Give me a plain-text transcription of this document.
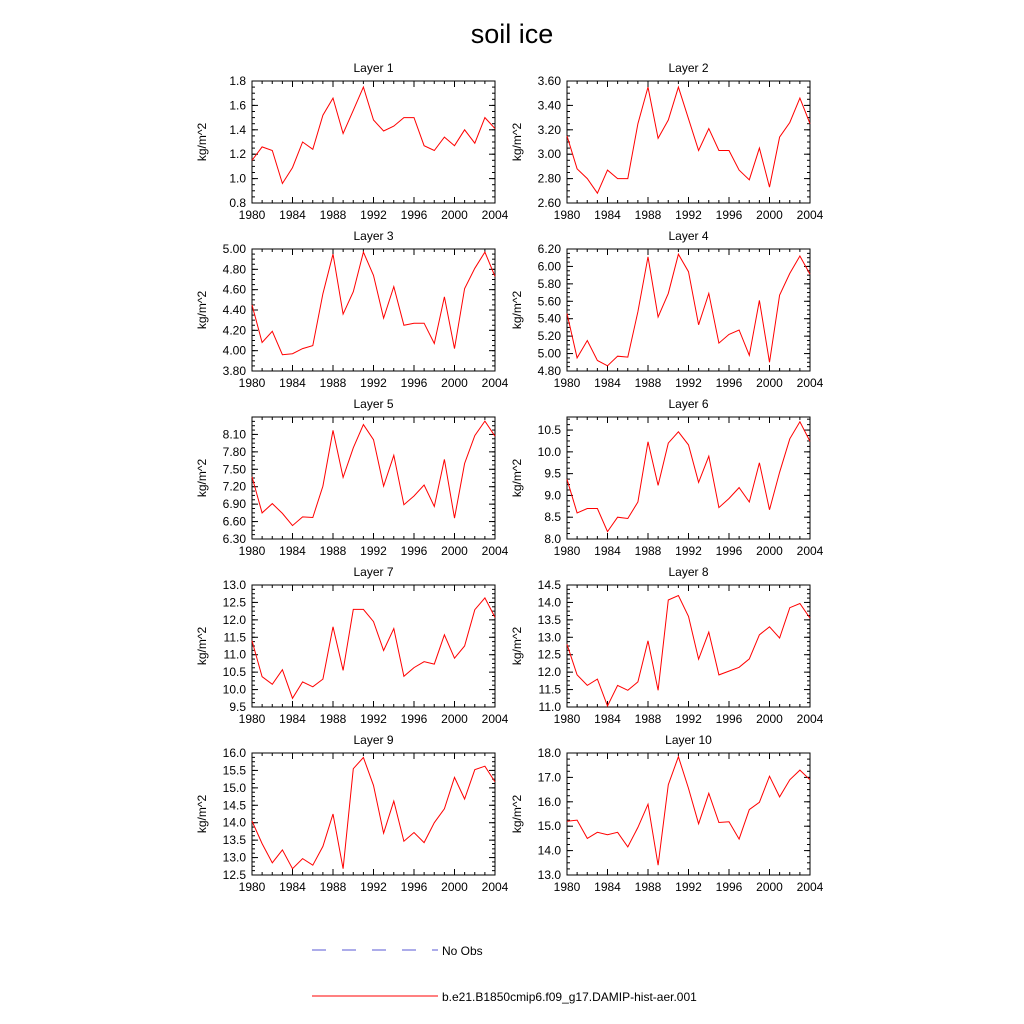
soil ice
1980 1984 1988 1992 1996 2000 2004
0.8
1.0
1.2
1.4
1.6
1.8
Layer 1
kg/m^2
1980 1984 1988 1992 1996 2000 2004
2.60
2.80
3.00
3.20
3.40
3.60
Layer 2
kg/m^2
1980 1984 1988 1992 1996 2000 2004
3.80
4.00
4.20
4.40
4.60
4.80
5.00
Layer 3
kg/m^2
1980 1984 1988 1992 1996 2000 2004
4.80
5.00
5.20
5.40
5.60
5.80
6.00
6.20
Layer 4
kg/m^2
1980 1984 1988 1992 1996 2000 2004
6.30
6.60
6.90
7.20
7.50
7.80
8.10
Layer 5
kg/m^2
1980 1984 1988 1992 1996 2000 2004
8.0
8.5
9.0
9.5
10.0
10.5
Layer 6
kg/m^2
1980 1984 1988 1992 1996 2000 2004
9.5
10.0
10.5
11.0
11.5
12.0
12.5
13.0
Layer 7
kg/m^2
1980 1984 1988 1992 1996 2000 2004
11.0
11.5
12.0
12.5
13.0
13.5
14.0
14.5
Layer 8
kg/m^2
1980 1984 1988 1992 1996 2000 2004
12.5
13.0
13.5
14.0
14.5
15.0
15.5
16.0
Layer 9
kg/m^2
1980 1984 1988 1992 1996 2000 2004
13.0
14.0
15.0
16.0
17.0
18.0
Layer 10
kg/m^2
No Obs
b.e21.B1850cmip6.f09_g17.DAMIP-hist-aer.001
